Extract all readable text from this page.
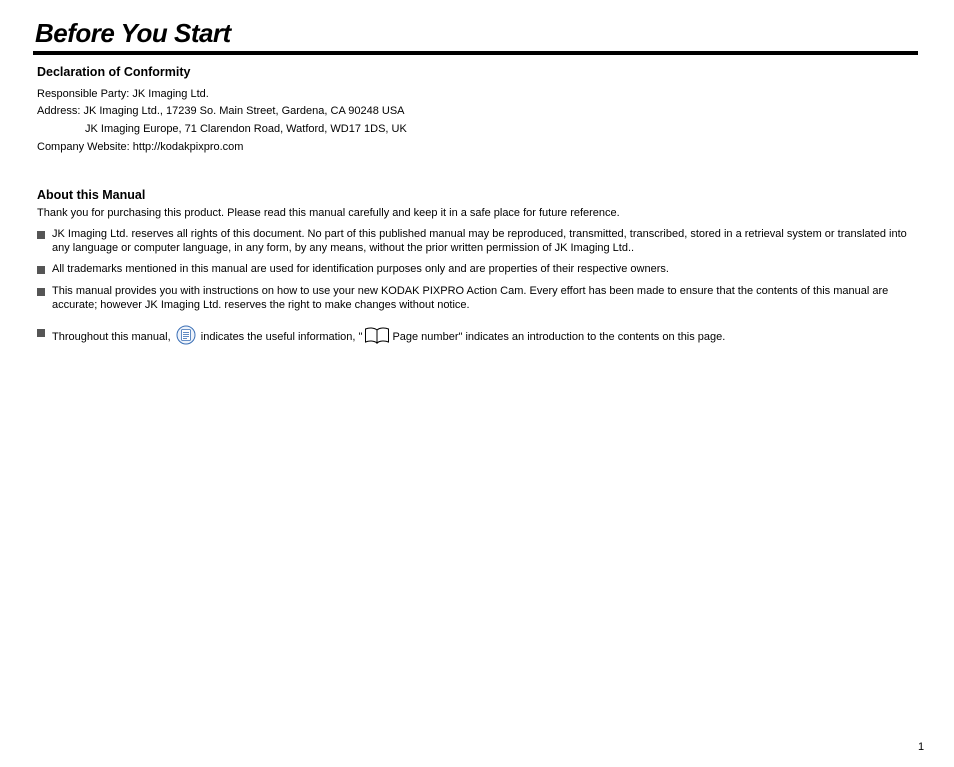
Before You Start
Declaration of Conformity
Responsible Party: JK Imaging Ltd.
Address: JK Imaging Ltd., 17239 So. Main Street, Gardena, CA 90248 USA
JK Imaging Europe, 71 Clarendon Road, Watford, WD17 1DS, UK
Company Website: http://kodakpixpro.com
About this Manual
Thank you for purchasing this product. Please read this manual carefully and keep it in a safe place for future reference.
JK Imaging Ltd. reserves all rights of this document. No part of this published manual may be reproduced, transmitted, transcribed, stored in a retrieval system or translated into any language or computer language, in any form, by any means, without the prior written permission of JK Imaging Ltd..
All trademarks mentioned in this manual are used for identification purposes only and are properties of their respective owners.
This manual provides you with instructions on how to use your new KODAK PIXPRO Action Cam. Every effort has been made to ensure that the contents of this manual are accurate; however JK Imaging Ltd. reserves the right to make changes without notice.
Throughout this manual,	indicates the useful information, "	Page number" indicates an introduction to the contents on this page.
1
